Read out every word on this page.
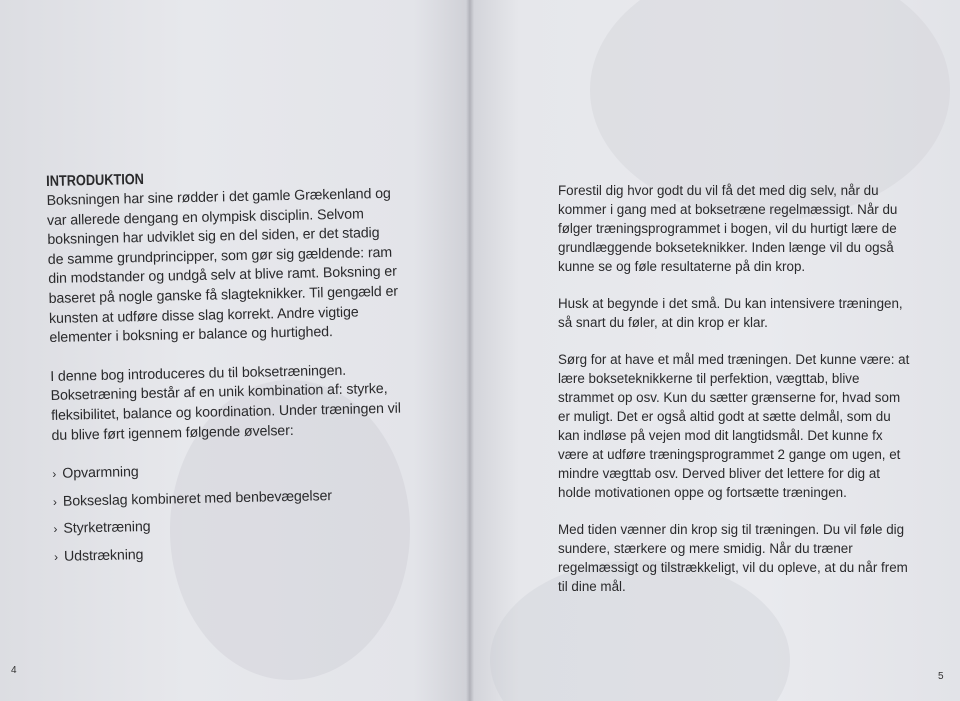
INTRODUKTION

Boksningen har sine rødder i det gamle Grækenland og var allerede dengang en olympisk disciplin. Selvom boksningen har udviklet sig en del siden, er det stadig de samme grundprincipper, som gør sig gældende: ram din modstander og undgå selv at blive ramt. Boksning er baseret på nogle ganske få slagteknikker. Til gengæld er kunsten at udføre disse slag korrekt. Andre vigtige elementer i boksning er balance og hurtighed.

I denne bog introduceres du til boksetræningen. Boksetræning består af en unik kombination af: styrke, fleksibilitet, balance og koordination. Under træningen vil du blive ført igennem følgende øvelser:

› Opvarmning
› Bokseslag kombineret med benbevægelser
› Styrketræning
› Udstrækning

Forestil dig hvor godt du vil få det med dig selv, når du kommer i gang med at boksetræne regelmæssigt. Når du følger træningsprogrammet i bogen, vil du hurtigt lære de grundlæggende bokseteknikker. Inden længe vil du også kunne se og føle resultaterne på din krop.

Husk at begynde i det små. Du kan intensivere træningen, så snart du føler, at din krop er klar.

Sørg for at have et mål med træningen. Det kunne være: at lære bokseteknikkerne til perfektion, vægttab, blive strammet op osv. Kun du sætter grænserne for, hvad som er muligt. Det er også altid godt at sætte delmål, som du kan indløse på vejen mod dit langtidsmål. Det kunne fx være at udføre træningsprogrammet 2 gange om ugen, et mindre vægttab osv. Derved bliver det lettere for dig at holde motivationen oppe og fortsætte træningen.

Med tiden vænner din krop sig til træningen. Du vil føle dig sundere, stærkere og mere smidig. Når du træner regelmæssigt og tilstrækkeligt, vil du opleve, at du når frem til dine mål.

4
5
